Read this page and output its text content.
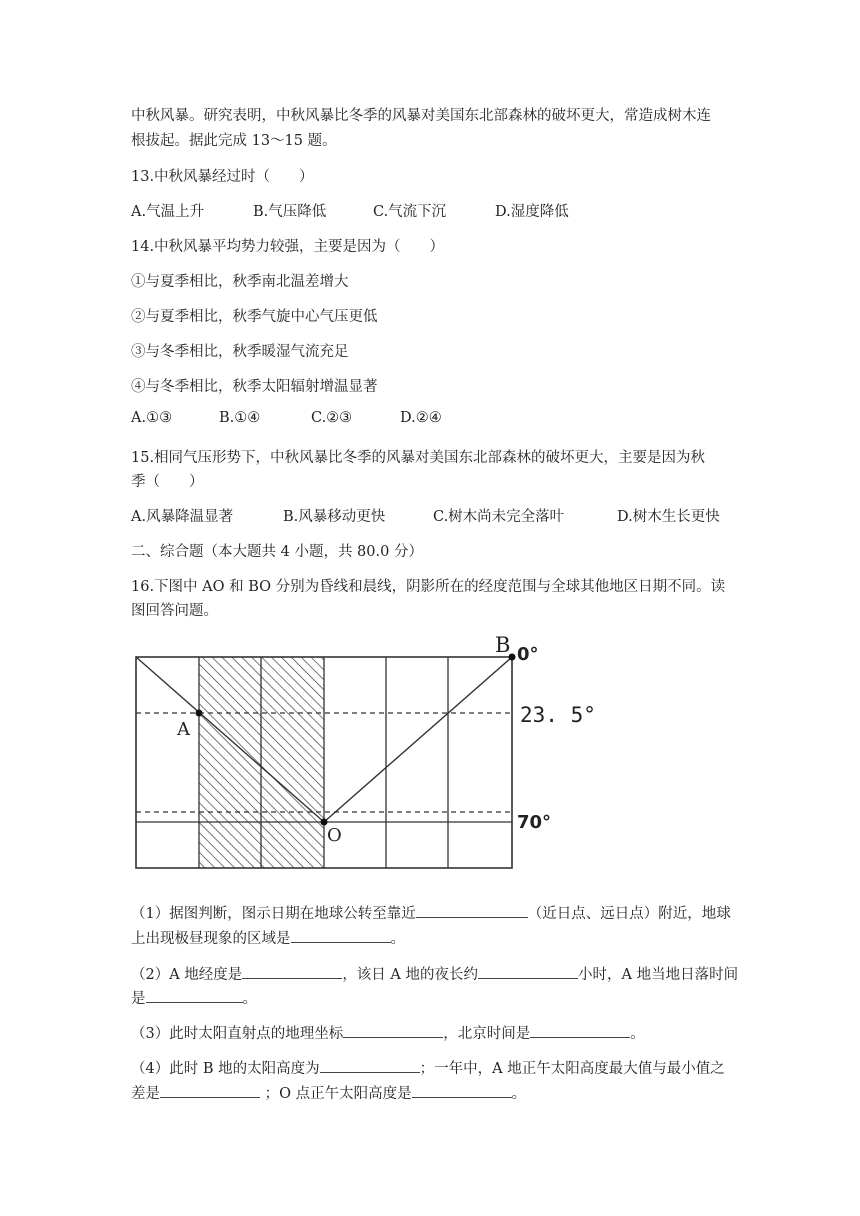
中秋风暴。研究表明，中秋风暴比冬季的风暴对美国东北部森林的破坏更大，常造成树木连
根拔起。据此完成 13～15 题。
13.中秋风暴经过时（　　）
A.气温上升	B.气压降低	C.气流下沉	D.湿度降低
14.中秋风暴平均势力较强，主要是因为（　　）
①与夏季相比，秋季南北温差增大
②与夏季相比，秋季气旋中心气压更低
③与冬季相比，秋季暖湿气流充足
④与冬季相比，秋季太阳辐射增温显著
A.①③	B.①④	C.②③	D.②④
15.相同气压形势下，中秋风暴比冬季的风暴对美国东北部森林的破坏更大，主要是因为秋
季（　　）
A.风暴降温显著	B.风暴移动更快	C.树木尚未完全落叶	D.树木生长更快
二、综合题（本大题共 4 小题，共 80.0 分）
16.下图中 AO 和 BO 分别为昏线和晨线，阴影所在的经度范围与全球其他地区日期不同。读
图回答问题。
B
A
O
0°
23. 5°
70°
（1）据图判断，图示日期在地球公转至靠近	（近日点、远日点）附近，地球
上出现极昼现象的区域是	。
（2）A 地经度是	，该日 A 地的夜长约	小时，A 地当地日落时间
是	。
（3）此时太阳直射点的地理坐标	，北京时间是	。
（4）此时 B 地的太阳高度为	；一年中，A 地正午太阳高度最大值与最小值之
差是	；O 点正午太阳高度是	。
